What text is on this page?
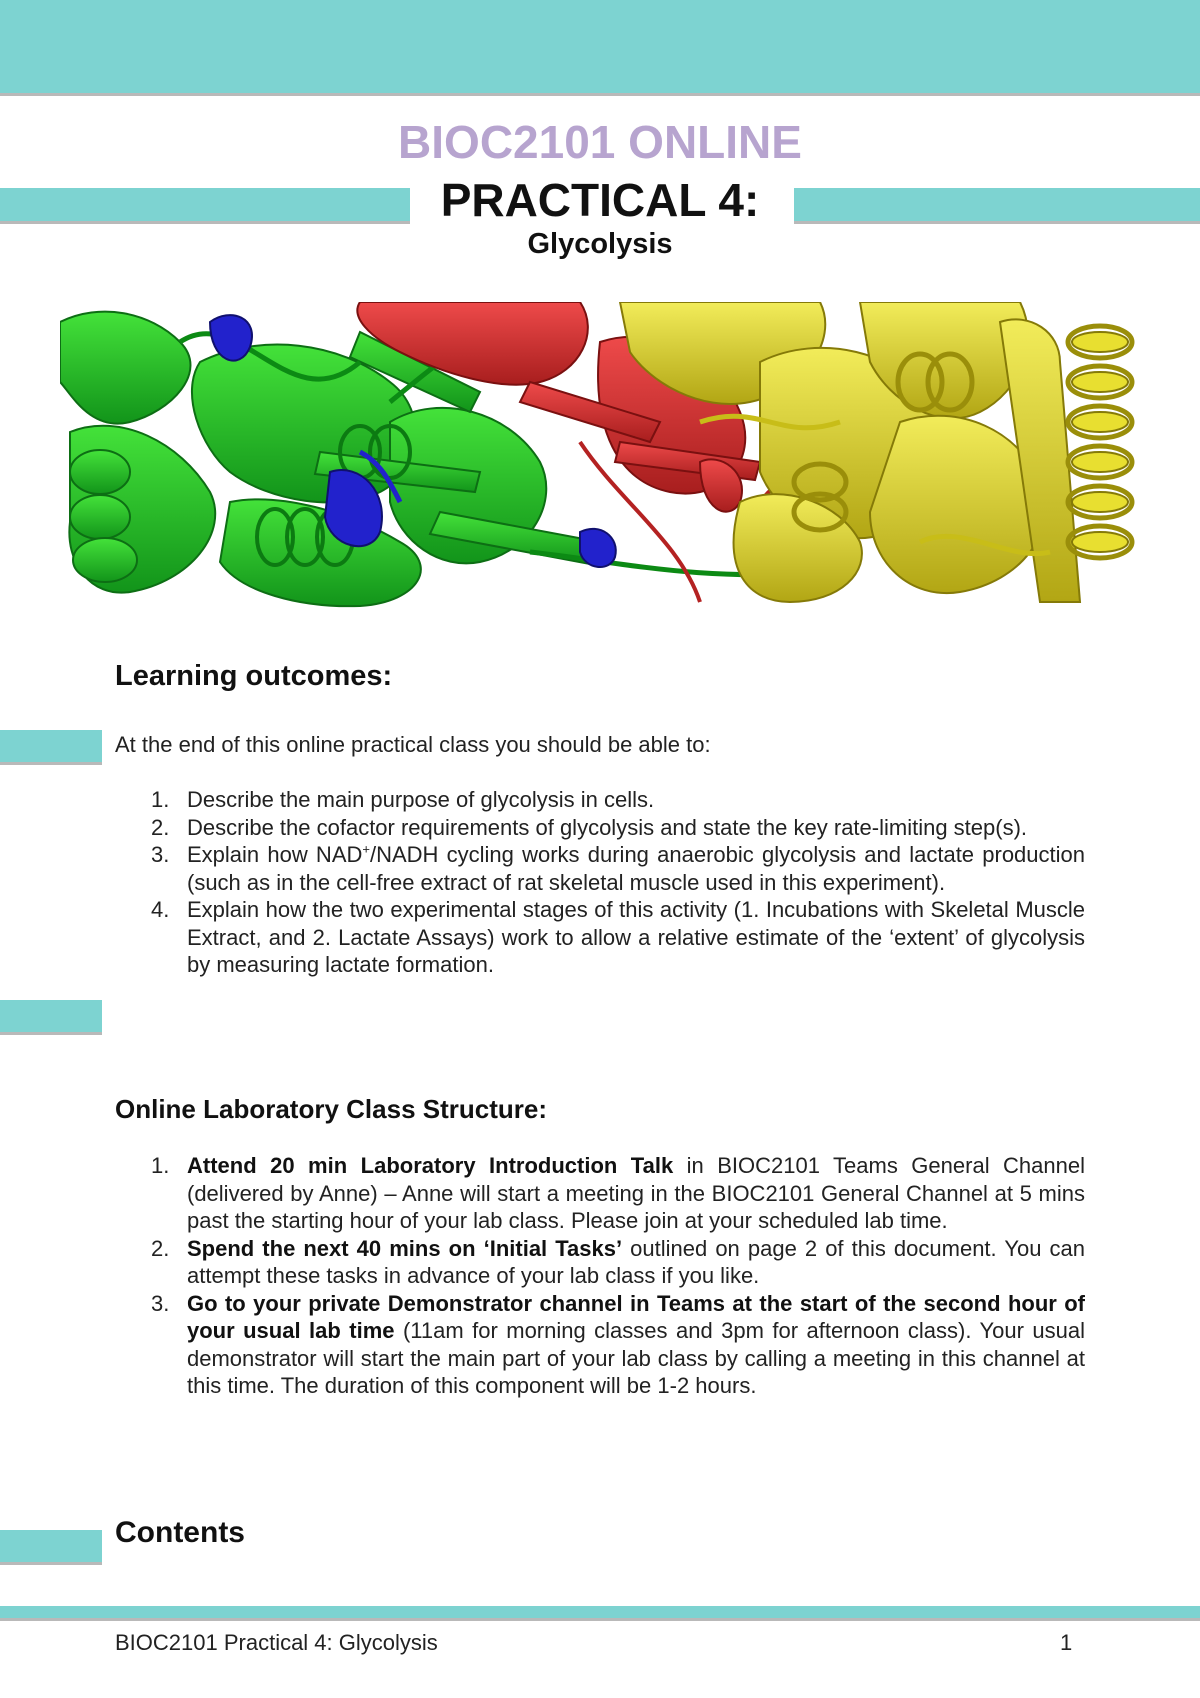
BIOC2101 ONLINE
PRACTICAL 4:
Glycolysis
Learning outcomes:
At the end of this online practical class you should be able to:
1. Describe the main purpose of glycolysis in cells.
2. Describe the cofactor requirements of glycolysis and state the key rate-limiting step(s).
3. Explain how NAD+/NADH cycling works during anaerobic glycolysis and lactate production (such as in the cell-free extract of rat skeletal muscle used in this experiment).
4. Explain how the two experimental stages of this activity (1. Incubations with Skeletal Muscle Extract, and 2. Lactate Assays) work to allow a relative estimate of the ‘extent’ of glycolysis by measuring lactate formation.
Online Laboratory Class Structure:
1. Attend 20 min Laboratory Introduction Talk in BIOC2101 Teams General Channel (delivered by Anne) – Anne will start a meeting in the BIOC2101 General Channel at 5 mins past the starting hour of your lab class. Please join at your scheduled lab time.
2. Spend the next 40 mins on ‘Initial Tasks’ outlined on page 2 of this document. You can attempt these tasks in advance of your lab class if you like.
3. Go to your private Demonstrator channel in Teams at the start of the second hour of your usual lab time (11am for morning classes and 3pm for afternoon class). Your usual demonstrator will start the main part of your lab class by calling a meeting in this channel at this time. The duration of this component will be 1-2 hours.
Contents
BIOC2101 Practical 4: Glycolysis	1
